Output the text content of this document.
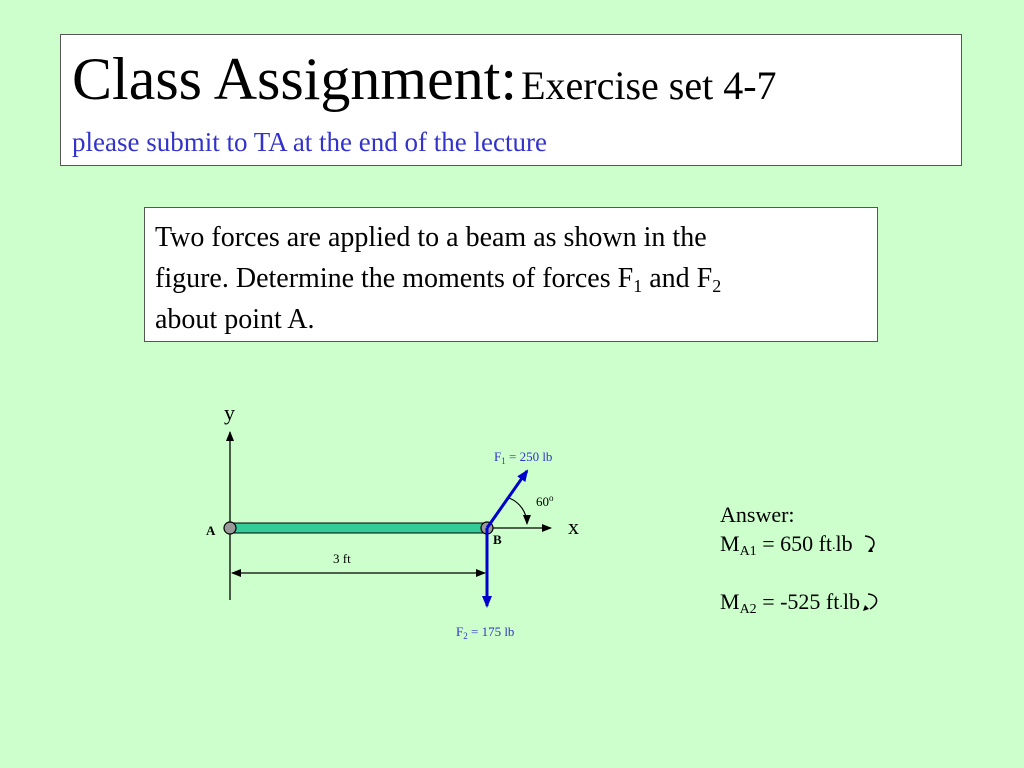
Class Assignment: Exercise set 4-7
please submit to TA at the end of the lecture
Two forces are applied to a beam as shown in the
figure. Determine the moments of forces $F_1$ and $F_2$
about point A.
y
x
A
B
3 ft
$F_1 = 250$ lb
60$^o$
$F_2 = 175$ lb
Answer:
$M_{A1} = 650$ ft.lb
$M_{A2} = -525$ ft.lb
